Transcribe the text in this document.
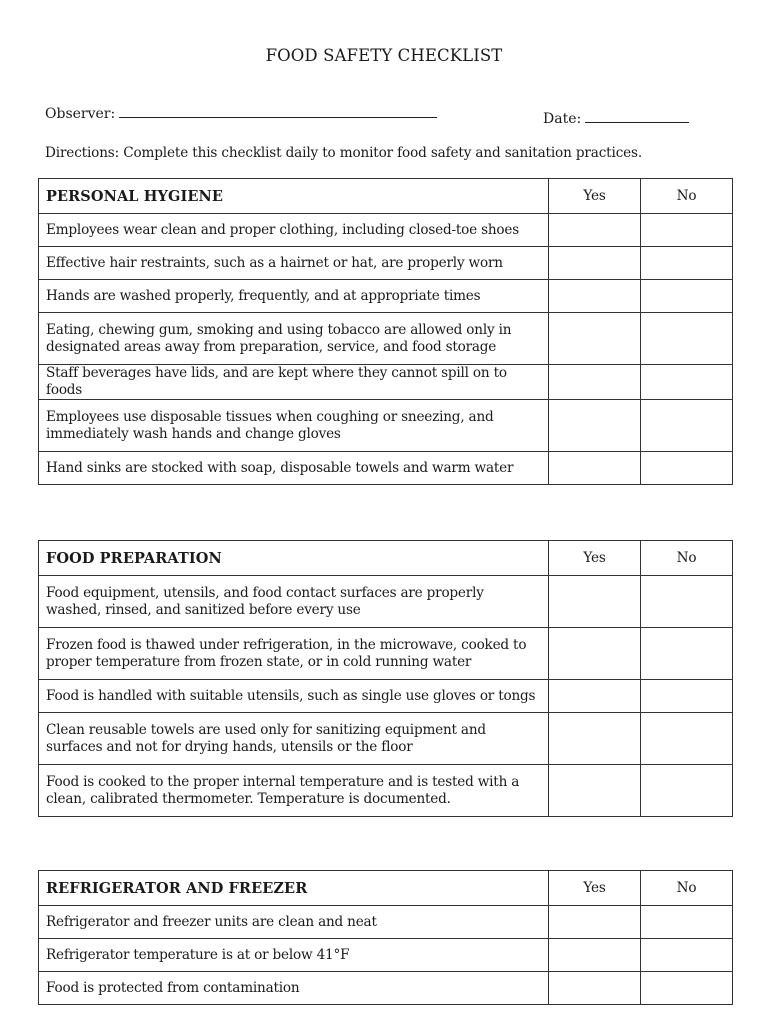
FOOD SAFETY CHECKLIST
Observer:	Date:
Directions: Complete this checklist daily to monitor food safety and sanitation practices.
PERSONAL HYGIENE	Yes	No
Employees wear clean and proper clothing, including closed-toe shoes		
Effective hair restraints, such as a hairnet or hat, are properly worn		
Hands are washed properly, frequently, and at appropriate times		
Eating, chewing gum, smoking and using tobacco are allowed only in designated areas away from preparation, service, and food storage		
Staff beverages have lids, and are kept where they cannot spill on to foods		
Employees use disposable tissues when coughing or sneezing, and immediately wash hands and change gloves		
Hand sinks are stocked with soap, disposable towels and warm water		
FOOD PREPARATION	Yes	No
Food equipment, utensils, and food contact surfaces are properly washed, rinsed, and sanitized before every use		
Frozen food is thawed under refrigeration, in the microwave, cooked to proper temperature from frozen state, or in cold running water		
Food is handled with suitable utensils, such as single use gloves or tongs		
Clean reusable towels are used only for sanitizing equipment and surfaces and not for drying hands, utensils or the floor		
Food is cooked to the proper internal temperature and is tested with a clean, calibrated thermometer. Temperature is documented.		
REFRIGERATOR AND FREEZER	Yes	No
Refrigerator and freezer units are clean and neat		
Refrigerator temperature is at or below 41°F		
Food is protected from contamination		
